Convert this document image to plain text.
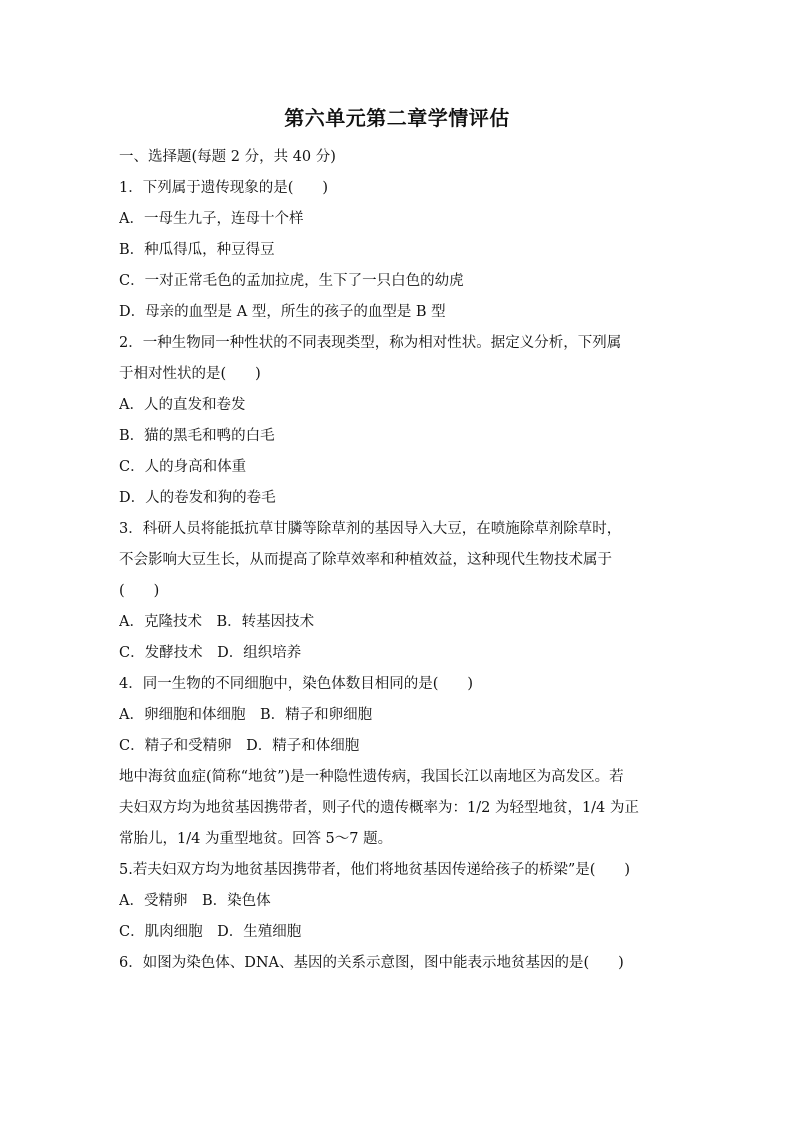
第六单元第二章学情评估
一、选择题(每题 2 分，共 40 分)
1．下列属于遗传现象的是(　　)
A．一母生九子，连母十个样
B．种瓜得瓜，种豆得豆
C．一对正常毛色的孟加拉虎，生下了一只白色的幼虎
D．母亲的血型是 A 型，所生的孩子的血型是 B 型
2．一种生物同一种性状的不同表现类型，称为相对性状。据定义分析，下列属
于相对性状的是(　　)
A．人的直发和卷发
B．猫的黑毛和鸭的白毛
C．人的身高和体重
D．人的卷发和狗的卷毛
3．科研人员将能抵抗草甘膦等除草剂的基因导入大豆，在喷施除草剂除草时，
不会影响大豆生长，从而提高了除草效率和种植效益，这种现代生物技术属于
(　　)
A．克隆技术　B．转基因技术
C．发酵技术　D．组织培养
4．同一生物的不同细胞中，染色体数目相同的是(　　)
A．卵细胞和体细胞　B．精子和卵细胞
C．精子和受精卵　D．精子和体细胞
地中海贫血症(简称“地贫”)是一种隐性遗传病，我国长江以南地区为高发区。若
夫妇双方均为地贫基因携带者，则子代的遗传概率为：1/2 为轻型地贫，1/4 为正
常胎儿，1/4 为重型地贫。回答 5～7 题。
5.若夫妇双方均为地贫基因携带者，他们将地贫基因传递给孩子的桥梁”是(　　)
A．受精卵　B．染色体
C．肌肉细胞　D．生殖细胞
6．如图为染色体、DNA、基因的关系示意图，图中能表示地贫基因的是(　　)
